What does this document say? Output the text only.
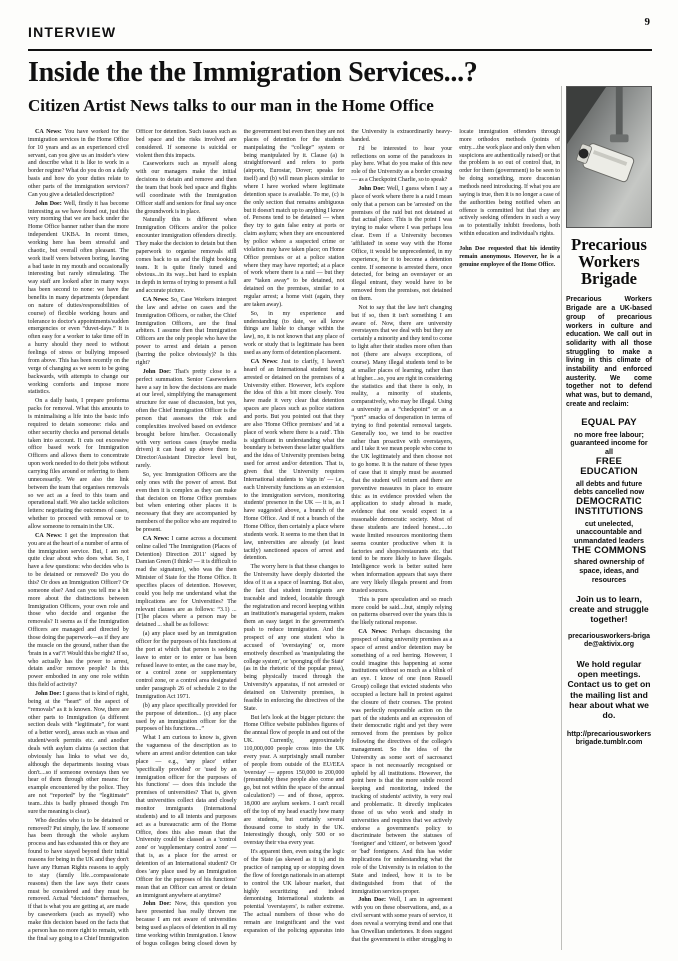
INTERVIEW
9
Inside the the Immigration Services...?
Citizen Artist News talks to our man in the Home Office

CA News: You have worked for the immigration services in the Home Office for 10 years and as an experienced civil servant, can you give us an insider's view and describe what it is like to work in a border regime? What do you do on a daily basis and how do your duties relate to other parts of the immigration services? Can you give a detailed description?

John Doe: Well, firstly it has become interesting as we have found out, just this very morning that we are back under the Home Office banner rather than the more independent UKBA. In recent times, working here has been stressful and chaotic, but overall often pleasant. The work itself veers between boring, leaving a bad taste in my mouth and occasionally interesting but rarely stimulating. The way staff are looked after in many ways has been second to none: we have the benefits in many departments (dependant on nature of duties/responsibilities of course) of flexible working hours and tolerance to doctor's appointments/sudden emergencies or even “duvet-days.” It is often easy for a worker to take time off in a hurry should they need to without feelings of stress or bullying imposed from above. This has been recently on the verge of changing as we seem to be going backwards, with attempts to change our working comforts and impose more statistics.

On a daily basis, I prepare proforma packs for removal. What this amounts to is minimalising a life into the basic info required to detain someone: risks and other security checks and personal details taken into account. It cuts out excessive office based work for Immigration Officers and allows them to concentrate upon work needed to do their jobs without carrying files around or referring to them unnecessarily. We are also the link between the team that organises removals so we act as a feed to this team and operational staff. We also tackle solicitors letters: negotiating the outcomes of cases, whether to proceed with removal or to allow someone to remain in the UK.

CA News: I get the impression that you are at the heart of a number of arms of the immigration service. But, I am not quite clear about who does what. So, I have a few questions: who decides who is to be detained or removed? Do you do this? Or does an Immigration Officer? Or someone else? And can you tell me a bit more about the distinctions between Immigration Officers, your own role and those who decide and organise the removals? It seems as if the Immigration Officers are managed and directed by those doing the paperwork—as if they are the muscle on the ground, rather than the 'brain in a vat'?! Would this be right? If so, who actually has the power to arrest, detain and/or remove people? Is this power embodied in any one role within this field of activity?

John Doe: I guess that is kind of right, being at the “heart” of the aspect of “removals” as it is known. Now, there are other parts to Immigration (a different section deals with “legitimate”, for want of a better word), areas such as visas and student/work permits etc. and another deals with asylum claims (a section that obviously has links to what we do, although the departments issuing visas don't....so if someone overstays then we hear of them through other means: for example encountered by the police. They are not “reported” by the “legitimate” team...this is badly phrased though I'm sure the meaning is clear).

Who decides who is to be detained or removed? Put simply, the law. If someone has been through the whole asylum process and has exhausted this or they are found to have stayed beyond their initial reasons for being in the UK and they don't have any Human Rights reasons to apply to stay (family life...compassionate reasons) then the law says their cases must be considered and they must be removed. Actual “decisions” themselves, if that is what you are getting at, are made by caseworkers (such as myself) who make this decision based on the facts that a person has no more right to remain, with the final say going to a Chief Immigration Officer for detention. Such issues such as bed space and the risks involved are considered. If someone is suicidal or violent then this impacts.

Caseworkers such as myself along with our managers make the initial decisions to detain and remove and then the team that book bed space and flights will coordinate with the Immigration Officer staff and seniors for final say once the groundwork is in place.

Naturally this is different when Immigration Officers and/or the police encounter immigration offenders directly. They make the decision to detain but then paperwork to organise removals still comes back to us and the flight booking team. It is quite finely tuned and obvious...in its way...but hard to explain in depth in terms of trying to present a full and accurate picture.

CA News: So, Case Workers interpret the law and advise on cases and the Immigration Officers, or rather, the Chief Immigration Officers, are the final arbiters. I assume then that Immigration Officers are the only people who have the power to arrest and detain a person (barring the police obviously)? Is this right?

John Doe: That's pretty close to a perfect summation. Senior Caseworkers have a say in how the decisions are made at our level, simplifying the management structure for ease of discussion, but yes, often the Chief Immigration Officer is the person that assesses the risk and complexities involved based on evidence brought before him/her. Occasionally with very serious cases (maybe media driven) it can head up above them to Director/Assistant Director level but, rarely.

So, yes: Immigration Officers are the only ones with the power of arrest. But even then it is complex as they can make that decision on Home Office premises but when entering other places it is necessary that they are accompanied by members of the police who are required to be present.

CA News: I came across a document online called 'The Immigration (Places of Detention) Direction 2011' signed by Damian Green (I think? — it is difficult to read the signature), who was the then Minister of State for the Home Office. It specifies places of detention. However, could you help me understand what the implications are for Universities? The relevant clauses are as follows: “3.1) ... [T]he places where a person may be detained ... shall be as follows:

(a) any place used by an immigration officer for the purposes of his functions at the port at which that person is seeking leave to enter or to enter or has been refused leave to enter, as the case may be, or a control zone or supplementary control zone, or a control area designated under paragraph 26 of schedule 2 to the Immigration Act 1971.

(b) any place specifically provided for the purpose of detention... (c) any place used by an immigration officer for the purposes of his functions....”

What I am curious to know is, given the vagueness of the description as to where an arrest and/or detention can take place — e.g., 'any place' either 'specifically provided' or 'used by an immigration officer for the purposes of his functions' — does this include the premises of universities? That is, given that universities collect data and closely monitor immigrants (International students) and to all intents and purposes act as a bureaucratic arm of the Home Office, does this also mean that the University could be classed as a 'control zone' or 'supplementary control zone' — that is, as a place for the arrest or detention of an International student? Or does 'any place used by an Immigration Officer for the purposes of his functions' mean that an Officer can arrest or detain an immigrant anywhere at anytime?

John Doe: Now, this question you have presented has really thrown me because I am not aware of universities being used as places of detention in all my time working within Immigration. I know of bogus colleges being closed down by the government but even then they are not places of detention for the students manipulating the “college” system or being manipulated by it. Clause (a) is straightforward and refers to ports (airports, Eurostar, Dover; speaks for itself) and (b) will mean places similar to where I have worked where legitimate detention space is available. To me, (c) is the only section that remains ambiguous but it doesn't match up to anything I know of. Persons tend to be detained — when they try to gain false entry at ports or claim asylum; when they are encountered by police where a suspected crime or violation may have taken place; on Home Office premises or at a police station where they may have reported; at a place of work where there is a raid — but they are “taken away” to be detained, not detained on the premises, similar to a regular arrest; a home visit (again, they are taken away).

So, in my experience and understanding (to date, we all know things are liable to change within the law), no, it is not known that any place of work or study that is legitimate has been used as any form of detention placement.

CA News: Just to clarify, I haven't heard of an International student being arrested or detained on the premises of a University either. However, let's explore the idea of this a bit more closely. You have made it very clear that detention spaces are places such as police stations and ports. But you pointed out that they are also 'Home Office premises' and 'at a place of work where there is a raid'. This is significant in understanding what the boundary is between these latter qualifiers and the idea of University premises being used for arrest and/or detention. That is, given that the University requires International students to 'sign in' — i.e., each University functions as an extension to the immigration services, monitoring students' presence in the UK — it is, as I have suggested above, a branch of the Home Office. And if not a branch of the Home Office, then certainly a place where students work. It seems to me then that in law, universities are already (at least tacitly) sanctioned spaces of arrest and detention.

The worry here is that these changes to the University have deeply distorted the idea of it as a space of learning. But also, the fact that student immigrants are traceable and indeed, locatable through the registration and record keeping within an institution's managerial system, makes them an easy target in the government's push to reduce immigration. And the prospect of any one student who is accused of 'overstaying' or, more emotively described as 'manipulating the college system', or 'sponging off the State' (as in the rhetoric of the popular press), being physically traced through the University's apparatus, if not arrested or detained on University premises, is feasible in enforcing the directives of the State.

But let's look at the bigger picture: the Home Office website publishes figures of the annual flow of people in and out of the UK. Currently, approximately 110,000,000 people cross into the UK every year. A surprisingly small number of people from outside of the EU/EEA 'overstay' — approx 150,000 to 200,000 (presumably these people also come and go, but not within the space of the annual calculation?) — and of those, approx. 18,000 are asylum seekers. I can't recall off the top of my head exactly how many are students, but certainly several thousand come to study in the UK. Interestingly though, only 500 or so overstay their visa every year.

It's apparent then, even using the logic of the State (as skewed as it is) and its practice of ramping up or stopping down the flow of foreign nationals in an attempt to control the UK labour market, that highly securitizing and indeed demonising International students as potential 'overstayers', is rather extreme. The actual numbers of those who do remain are insignificant and the vast expansion of the policing apparatus into the University is extraordinarily heavy-handed.

I'd be interested to hear your reflections on some of the paradoxes in play here. What do you make of this new role of the University as a border crossing — as a Checkpoint Charlie, so to speak?

John Doe: Well, I guess when I say a place of work where there is a raid I mean only that a person can be 'arrested' on the premises of the raid but not detained at that actual place. This is the point I was trying to make where I was perhaps less clear. Even if a University becomes 'affiliated' in some way with the Home Office, it would be unprecedented, in my experience, for it to become a detention centre. If someone is arrested there, once detected, for being an overstayer or an illegal entrant, they would have to be removed from the premises, not detained on them.

Not to say that the law isn't changing but if so, then it isn't something I am aware of. Now, there are university overstayers that we deal with but they are certainly a minority and they tend to come to light after their studies more often than not (there are always exceptions, of course). Many illegal students tend to be at smaller places of learning, rather than at higher....so, you are right in considering the statistics and that there is only, in reality, a minority of students, comparatively, who may be illegal. Using a university as a “checkpoint” or as a “port” smacks of desperation in terms of trying to find potential removal targets. Generally too, we tend to be reactive rather than proactive with overstayers, and I take it we mean people who come to the UK legitimately and then choose not to go home. It is the nature of these types of case that it simply must be assumed that the student will return and there are preventive measures in place to ensure this: as in evidence provided when the application to study abroad is made, evidence that one would expect in a reasonable democratic society. Most of these students are indeed honest......to waste limited resources monitoring them seems counter productive when it is factories and shops/restaurants etc. that tend to be more likely to have illegals. Intelligence work is better suited here when information appears that says there are very likely illegals present and from trusted sources.

This is pure speculation and so much more could be said....but, simply relying on patterns observed over the years this is the likely rational response.

CA News: Perhaps discussing the prospect of using university premises as a space of arrest and/or detention may be something of a red herring. However, I could imagine this happening at some institutions without so much as a blink of an eye. I know of one (non Russell Group) college that evicted students who occupied a lecture hall in protest against the closure of their courses. The protest was perfectly responsible action on the part of the students and an expression of their democratic right and yet they were removed from the premises by police following the directives of the college's management. So the idea of the University as some sort of sacrosanct space is not necessarily recognised or upheld by all institutions. However, the point here is that the more subtle record keeping and monitoring, indeed the tracking of students' activity, is very real and problematic. It directly implicates those of us who work and study in universities and requires that we actively endorse a government's policy to discriminate between the statuses of 'foreigner' and 'citizen', or between 'good' or 'bad' foreigners. And this has wider implications for understanding what the role of the University is in relation to the State and indeed, how it is to be distinguished from that of the immigration services proper.

John Doe: Well, I am in agreement with you on these observations, and, as a civil servant with some years of service, it does reveal a worrying trend and one that has Orwellian undertones. It does suggest that the government is either struggling to locate immigration offenders through more orthodox methods (points of entry....the work place and only then when suspicions are authentically raised) or that the problem is so out of control that, in order for them (government) to be seen to be doing something, more draconian methods need introducing. If what you are saying is true, then it is no longer a case of the authorities being notified when an offence is committed but that they are actively seeking offenders in such a way as to potentially inhibit freedoms, both within education and individual's rights.

John Doe requested that his identity remain anonymous. However, he is a genuine employee of the Home Office.

Precarious Workers Brigade
Precarious Workers Brigade are a UK-based group of precarious workers in culture and education. We call out in solidarity with all those struggling to make a living in this climate of instability and enforced austerity. We come together not to defend what was, but to demand, create and reclaim:
EQUAL PAY
no more free labour; guaranteed income for all
FREE EDUCATION
all debts and future debts cancelled now
DEMOCRATIC INSTITUTIONS
cut unelected, unaccountable and unmandated leaders
THE COMMONS
shared ownership of space, ideas, and resources
Join us to learn, create and struggle together!
precariousworkers-brigade@aktivix.org
We hold regular open meetings. Contact us to get on the mailing list and hear about what we do.
http://precariousworkersbrigade.tumblr.com
